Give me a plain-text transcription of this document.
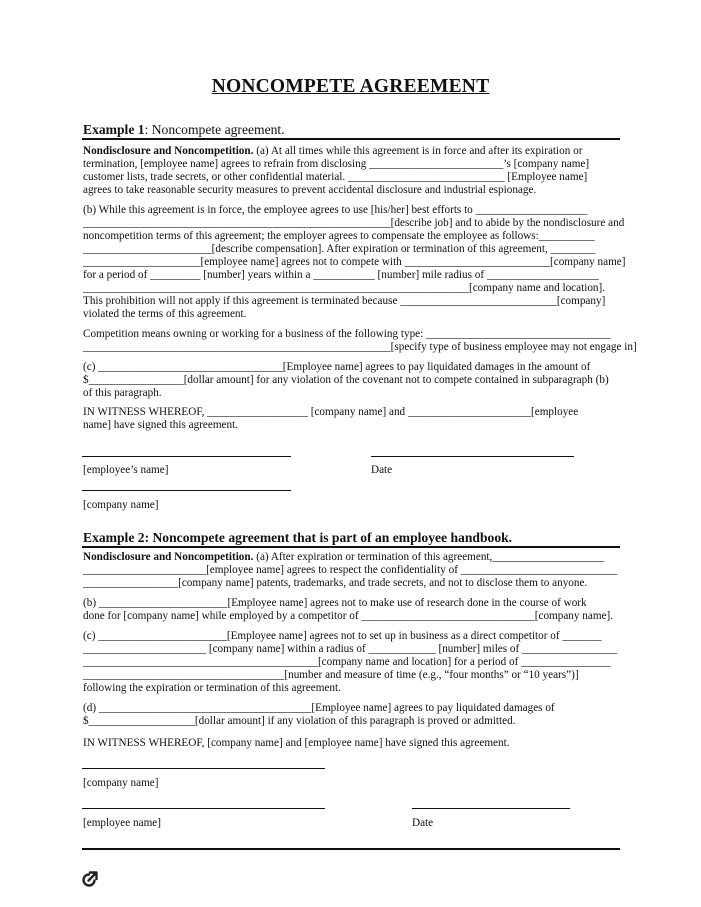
NONCOMPETE AGREEMENT
Example 1: Noncompete agreement.
Nondisclosure and Noncompetition. (a) At all times while this agreement is in force and after its expiration or
termination, [employee name] agrees to refrain from disclosing ________________________’s [company name]
customer lists, trade secrets, or other confidential material. ____________________________ [Employee name]
agrees to take reasonable security measures to prevent accidental disclosure and industrial espionage.
(b) While this agreement is in force, the employee agrees to use [his/her] best efforts to ____________________
_______________________________________________________[describe job] and to abide by the nondisclosure and
noncompetition terms of this agreement; the employer agrees to compensate the employee as follows:__________
_______________________[describe compensation]. After expiration or termination of this agreement, ________
_____________________[employee name] agrees not to compete with __________________________[company name]
for a period of _________ [number] years within a ___________ [number] mile radius of ____________________
_____________________________________________________________________[company name and location].
This prohibition will not apply if this agreement is terminated because ____________________________[company]
violated the terms of this agreement.
Competition means owning or working for a business of the following type: _________________________________
_______________________________________________________[specify type of business employee may not engage in]
(c) _________________________________[Employee name] agrees to pay liquidated damages in the amount of
$_________________[dollar amount] for any violation of the covenant not to compete contained in subparagraph (b)
of this paragraph.
IN WITNESS WHEREOF, __________________ [company name] and ______________________[employee
name] have signed this agreement.
[employee’s name]	Date
[company name]
Example 2: Noncompete agreement that is part of an employee handbook.
Nondisclosure and Noncompetition. (a) After expiration or termination of this agreement,____________________
______________________[employee name] agrees to respect the confidentiality of ____________________________
_________________[company name] patents, trademarks, and trade secrets, and not to disclose them to anyone.
(b) _______________________[Employee name] agrees not to make use of research done in the course of work
done for [company name] while employed by a competitor of _______________________________[company name].
(c) _______________________[Employee name] agrees not to set up in business as a direct competitor of _______
______________________ [company name] within a radius of ____________ [number] miles of _________________
__________________________________________[company name and location] for a period of ________________
____________________________________[number and measure of time (e.g., “four months” or “10 years”)]
following the expiration or termination of this agreement.
(d) ______________________________________[Employee name] agrees to pay liquidated damages of
$___________________[dollar amount] if any violation of this paragraph is proved or admitted.
IN WITNESS WHEREOF, [company name] and [employee name] have signed this agreement.
[company name]
[employee name]	Date
